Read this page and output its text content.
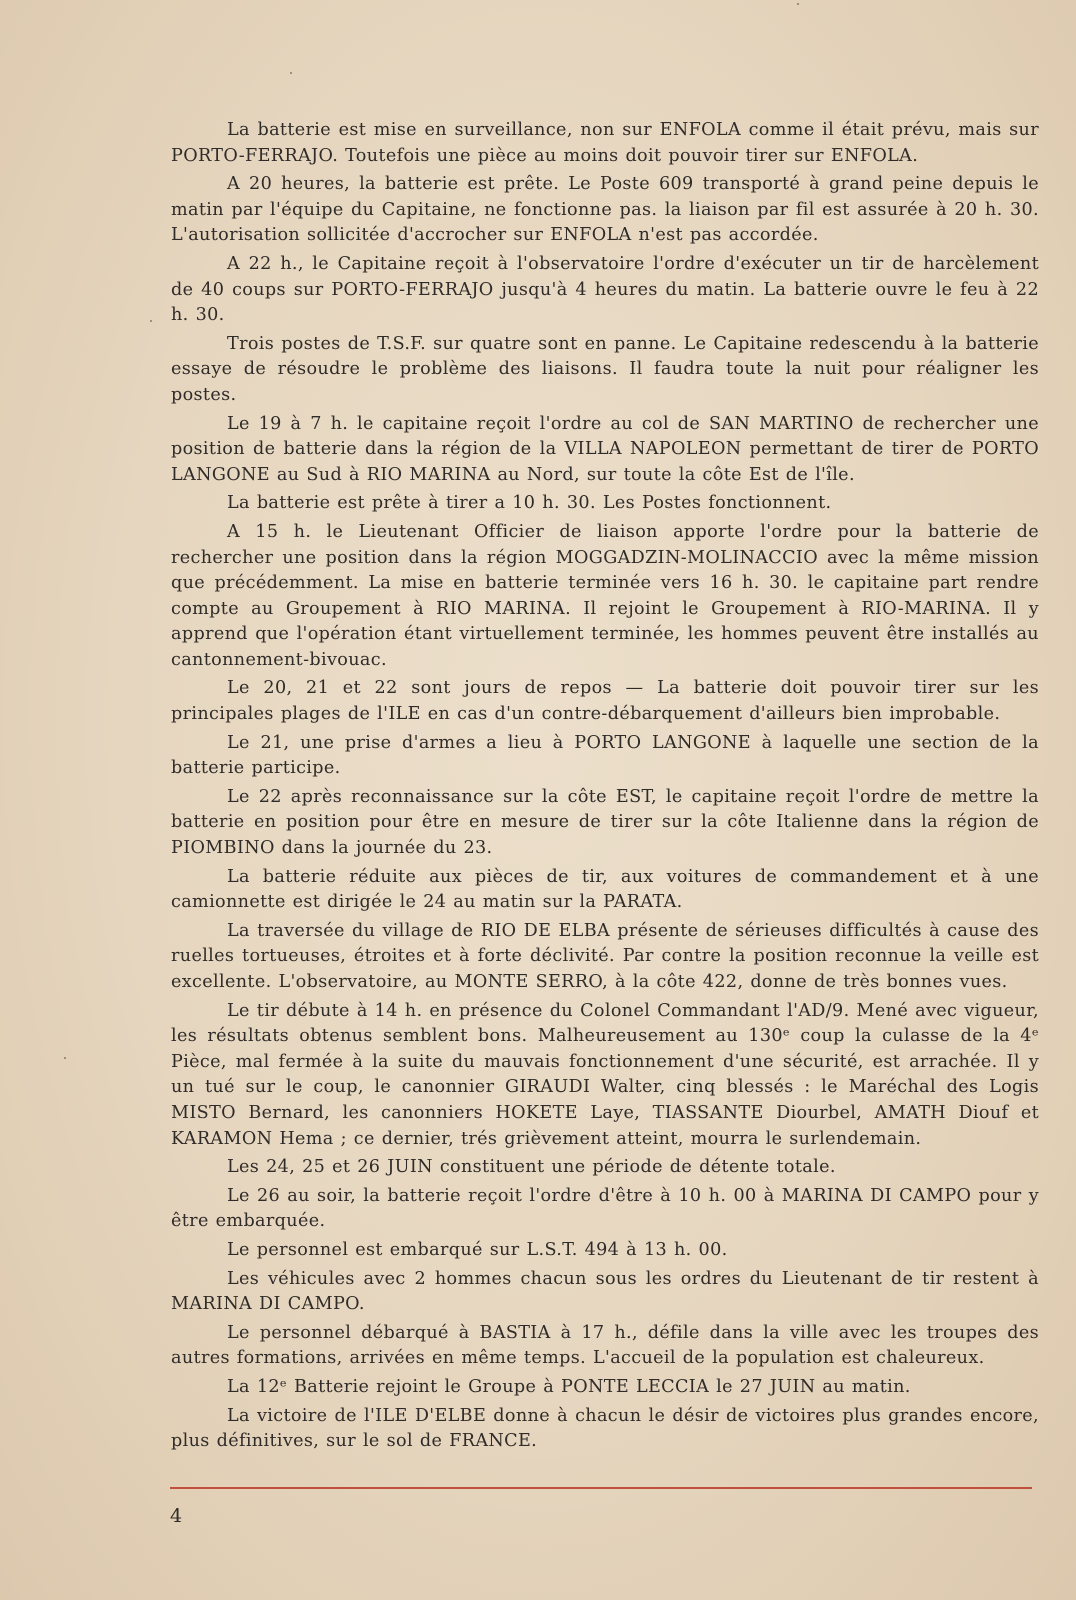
La batterie est mise en surveillance, non sur ENFOLA comme il était prévu, mais sur PORTO-FERRAJO. Toutefois une pièce au moins doit pouvoir tirer sur ENFOLA.

A 20 heures, la batterie est prête. Le Poste 609 transporté à grand peine depuis le matin par l'équipe du Capitaine, ne fonctionne pas. la liaison par fil est assurée à 20 h. 30. L'autorisation sollicitée d'accrocher sur ENFOLA n'est pas accordée.

A 22 h., le Capitaine reçoit à l'observatoire l'ordre d'exécuter un tir de harcèlement de 40 coups sur PORTO-FERRAJO jusqu'à 4 heures du matin. La batterie ouvre le feu à 22 h. 30.

Trois postes de T.S.F. sur quatre sont en panne. Le Capitaine redescendu à la batterie essaye de résoudre le problème des liaisons. Il faudra toute la nuit pour réaligner les postes.

Le 19 à 7 h. le capitaine reçoit l'ordre au col de SAN MARTINO de rechercher une position de batterie dans la région de la VILLA NAPOLEON permettant de tirer de PORTO LANGONE au Sud à RIO MARINA au Nord, sur toute la côte Est de l'île.

La batterie est prête à tirer a 10 h. 30. Les Postes fonctionnent.

A 15 h. le Lieutenant Officier de liaison apporte l'ordre pour la batterie de rechercher une position dans la région MOGGADZIN-MOLINACCIO avec la même mission que précédemment. La mise en batterie terminée vers 16 h. 30. le capitaine part rendre compte au Groupement à RIO MARINA. Il rejoint le Groupement à RIO-MARINA. Il y apprend que l'opération étant virtuellement terminée, les hommes peuvent être installés au cantonnement-bivouac.

Le 20, 21 et 22 sont jours de repos — La batterie doit pouvoir tirer sur les principales plages de l'ILE en cas d'un contre-débarquement d'ailleurs bien improbable.

Le 21, une prise d'armes a lieu à PORTO LANGONE à laquelle une section de la batterie participe.

Le 22 après reconnaissance sur la côte EST, le capitaine reçoit l'ordre de mettre la batterie en position pour être en mesure de tirer sur la côte Italienne dans la région de PIOMBINO dans la journée du 23.

La batterie réduite aux pièces de tir, aux voitures de commandement et à une camionnette est dirigée le 24 au matin sur la PARATA.

La traversée du village de RIO DE ELBA présente de sérieuses difficultés à cause des ruelles tortueuses, étroites et à forte déclivité. Par contre la position reconnue la veille est excellente. L'observatoire, au MONTE SERRO, à la côte 422, donne de très bonnes vues.

Le tir débute à 14 h. en présence du Colonel Commandant l'AD/9. Mené avec vigueur, les résultats obtenus semblent bons. Malheureusement au 130ᵉ coup la culasse de la 4ᵉ Pièce, mal fermée à la suite du mauvais fonctionnement d'une sécurité, est arrachée. Il y un tué sur le coup, le canonnier GIRAUDI Walter, cinq blessés : le Maréchal des Logis MISTO Bernard, les canonniers HOKETE Laye, TIASSANTE Diourbel, AMATH Diouf et KARAMON Hema ; ce dernier, trés grièvement atteint, mourra le surlendemain.

Les 24, 25 et 26 JUIN constituent une période de détente totale.

Le 26 au soir, la batterie reçoit l'ordre d'être à 10 h. 00 à MARINA DI CAMPO pour y être embarquée.

Le personnel est embarqué sur L.S.T. 494 à 13 h. 00.

Les véhicules avec 2 hommes chacun sous les ordres du Lieutenant de tir restent à MARINA DI CAMPO.

Le personnel débarqué à BASTIA à 17 h., défile dans la ville avec les troupes des autres formations, arrivées en même temps. L'accueil de la population est chaleureux.

La 12ᵉ Batterie rejoint le Groupe à PONTE LECCIA le 27 JUIN au matin.

La victoire de l'ILE D'ELBE donne à chacun le désir de victoires plus grandes encore, plus définitives, sur le sol de FRANCE.

4
